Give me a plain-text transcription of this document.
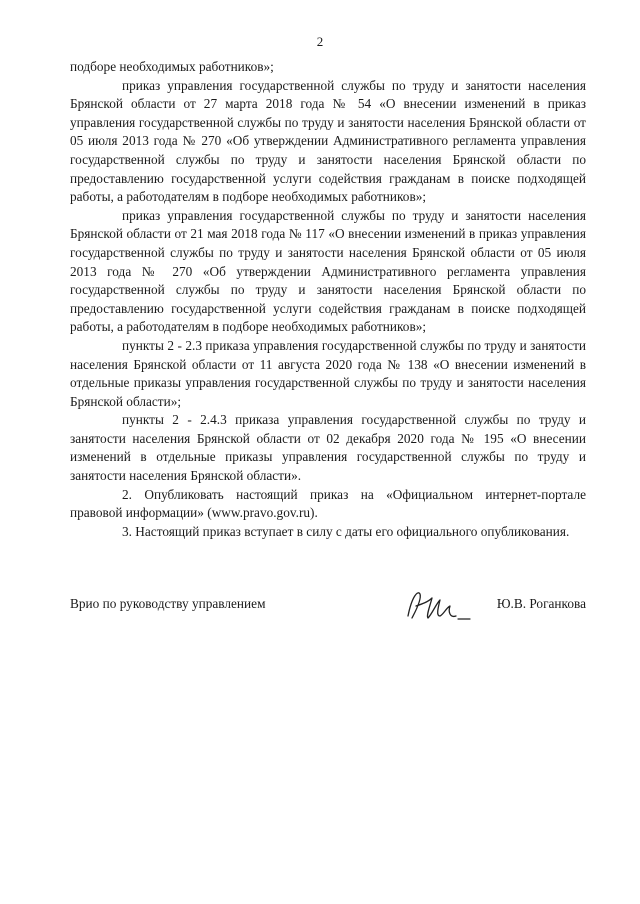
2

подборе необходимых работников»;

приказ управления государственной службы по труду и занятости населения Брянской области от 27 марта 2018 года № 54 «О внесении изменений в приказ управления государственной службы по труду и занятости населения Брянской области от 05 июля 2013 года № 270 «Об утверждении Административного регламента управления государственной службы по труду и занятости населения Брянской области по предоставлению государственной услуги содействия гражданам в поиске подходящей работы, а работодателям в подборе необходимых работников»;

приказ управления государственной службы по труду и занятости населения Брянской области от 21 мая 2018 года № 117 «О внесении изменений в приказ управления государственной службы по труду и занятости населения Брянской области от 05 июля 2013 года № 270 «Об утверждении Административного регламента управления государственной службы по труду и занятости населения Брянской области по предоставлению государственной услуги содействия гражданам в поиске подходящей работы, а работодателям в подборе необходимых работников»;

пункты 2 - 2.3 приказа управления государственной службы по труду и занятости населения Брянской области от 11 августа 2020 года № 138 «О внесении изменений в отдельные приказы управления государственной службы по труду и занятости населения Брянской области»;

пункты 2 - 2.4.3 приказа управления государственной службы по труду и занятости населения Брянской области от 02 декабря 2020 года № 195 «О внесении изменений в отдельные приказы управления государственной службы по труду и занятости населения Брянской области».

2. Опубликовать настоящий приказ на «Официальном интернет-портале правовой информации» (www.pravo.gov.ru).

3. Настоящий приказ вступает в силу с даты его официального опубликования.

Врио по руководству управлением	Ю.В. Роганкова
